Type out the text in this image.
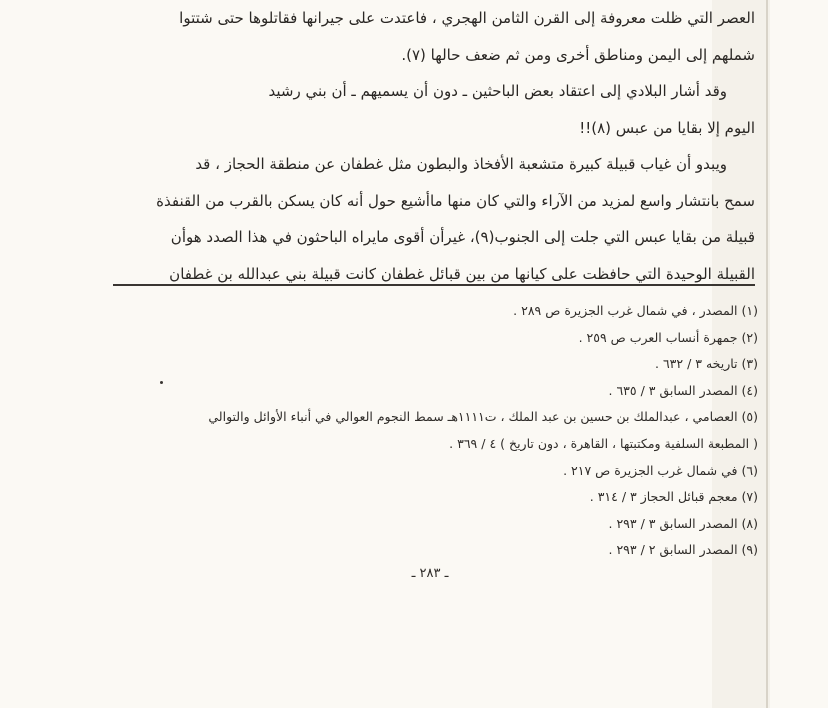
العصر التي ظلت معروفة إلى القرن الثامن الهجري ، فاعتدت على جيرانها فقاتلوها حتى شتتوا

شملهم إلى اليمن ومناطق أخرى ومن ثم ضعف حالها (٧).

وقد أشار البلادي إلى اعتقاد بعض الباحثين ـ دون أن يسميهم ـ أن بني رشيد

اليوم إلا بقايا من عبس (٨)!!

ويبدو أن غياب قبيلة كبيرة متشعبة الأفخاذ والبطون مثل غطفان عن منطقة الحجاز ، قد

سمح بانتشار واسع لمزيد من الآراء والتي كان منها ماأشيع حول أنه كان يسكن بالقرب من القنفذة

قبيلة من بقايا عبس التي جلت إلى الجنوب(٩)، غيرأن أقوى مايراه الباحثون في هذا الصدد هوأن

القبيلة الوحيدة التي حافظت على كيانها من بين قبائل غطفان كانت قبيلة بني عبدالله بن غطفان

(١) المصدر ، في شمال غرب الجزيرة ص ٢٨٩ .
(٢) جمهرة أنساب العرب ص ٢٥٩ .
(٣) تاريخه ٣ / ٦٣٢ .
(٤) المصدر السابق ٣ / ٦٣٥ .
(٥) العصامي ، عبدالملك بن حسين بن عبد الملك ، ت١١١١هـ سمط النجوم العوالي في أنباء الأوائل والتوالي
( المطبعة السلفية ومكتبتها ، القاهرة ، دون تاريخ ) ٤ / ٣٦٩ .
(٦) في شمال غرب الجزيرة ص ٢١٧ .
(٧) معجم قبائل الحجاز ٣ / ٣١٤ .
(٨) المصدر السابق ٣ / ٢٩٣ .
(٩) المصدر السابق ٢ / ٢٩٣ .
ـ ٢٨٣ ـ
